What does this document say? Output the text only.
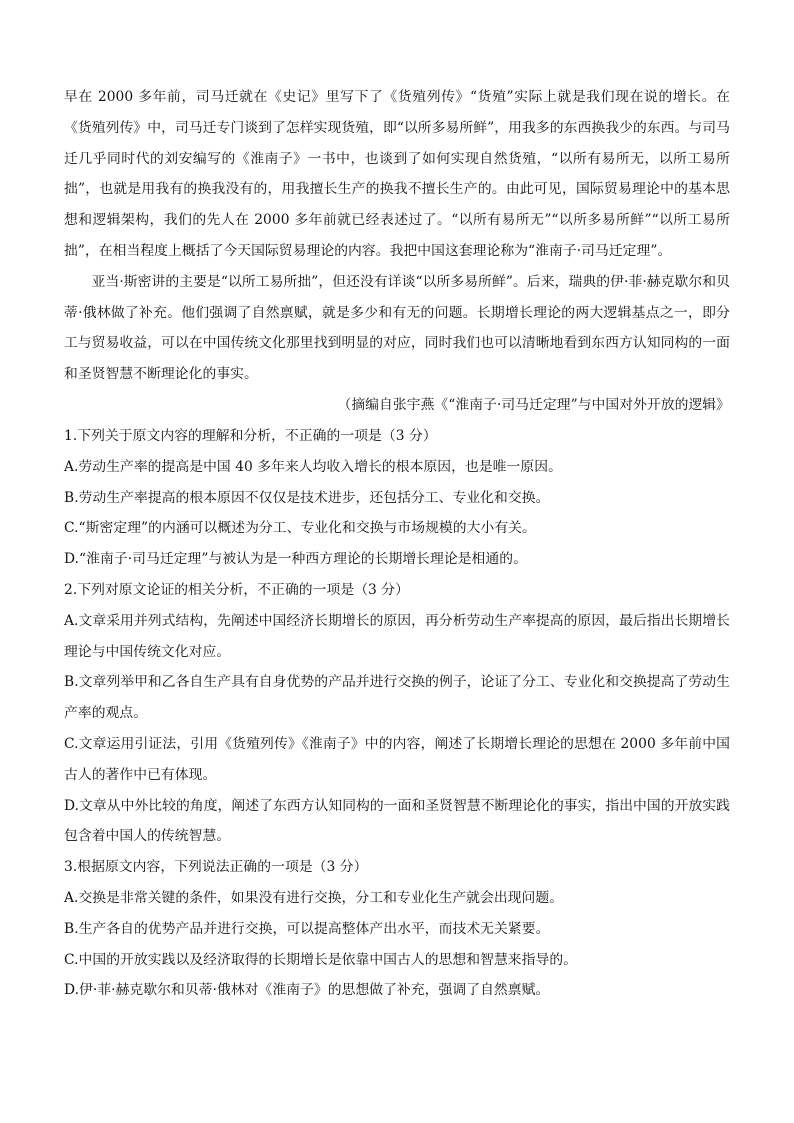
早在 2000 多年前，司马迁就在《史记》里写下了《货殖列传》“货殖”实际上就是我们现在说的增长。在《货殖列传》中，司马迁专门谈到了怎样实现货殖，即“以所多易所鲜”，用我多的东西换我少的东西。与司马迁几乎同时代的刘安编写的《淮南子》一书中，也谈到了如何实现自然货殖，“以所有易所无，以所工易所拙”，也就是用我有的换我没有的，用我擅长生产的换我不擅长生产的。由此可见，国际贸易理论中的基本思想和逻辑架构，我们的先人在 2000 多年前就已经表述过了。“以所有易所无”“以所多易所鲜”“以所工易所拙”，在相当程度上概括了今天国际贸易理论的内容。我把中国这套理论称为“淮南子·司马迁定理”。

亚当·斯密讲的主要是“以所工易所拙”，但还没有详谈“以所多易所鲜”。后来，瑞典的伊·菲·赫克歇尔和贝蒂·俄林做了补充。他们强调了自然禀赋，就是多少和有无的问题。长期增长理论的两大逻辑基点之一，即分工与贸易收益，可以在中国传统文化那里找到明显的对应，同时我们也可以清晰地看到东西方认知同构的一面和圣贤智慧不断理论化的事实。

（摘编自张宇燕《“淮南子·司马迁定理”与中国对外开放的逻辑》

1.下列关于原文内容的理解和分析，不正确的一项是（3 分）

A.劳动生产率的提高是中国 40 多年来人均收入增长的根本原因，也是唯一原因。

B.劳动生产率提高的根本原因不仅仅是技术进步，还包括分工、专业化和交换。

C.“斯密定理”的内涵可以概述为分工、专业化和交换与市场规模的大小有关。

D.“淮南子·司马迁定理”与被认为是一种西方理论的长期增长理论是相通的。

2.下列对原文论证的相关分析，不正确的一项是（3 分）

A.文章采用并列式结构，先阐述中国经济长期增长的原因，再分析劳动生产率提高的原因，最后指出长期增长理论与中国传统文化对应。

B.文章列举甲和乙各自生产具有自身优势的产品并进行交换的例子，论证了分工、专业化和交换提高了劳动生产率的观点。

C.文章运用引证法，引用《货殖列传》《淮南子》中的内容，阐述了长期增长理论的思想在 2000 多年前中国古人的著作中已有体现。

D.文章从中外比较的角度，阐述了东西方认知同构的一面和圣贤智慧不断理论化的事实，指出中国的开放实践包含着中国人的传统智慧。

3.根据原文内容，下列说法正确的一项是（3 分）

A.交换是非常关键的条件，如果没有进行交换，分工和专业化生产就会出现问题。

B.生产各自的优势产品并进行交换，可以提高整体产出水平，而技术无关紧要。

C.中国的开放实践以及经济取得的长期增长是依靠中国古人的思想和智慧来指导的。

D.伊·菲·赫克歇尔和贝蒂·俄林对《淮南子》的思想做了补充，强调了自然禀赋。
